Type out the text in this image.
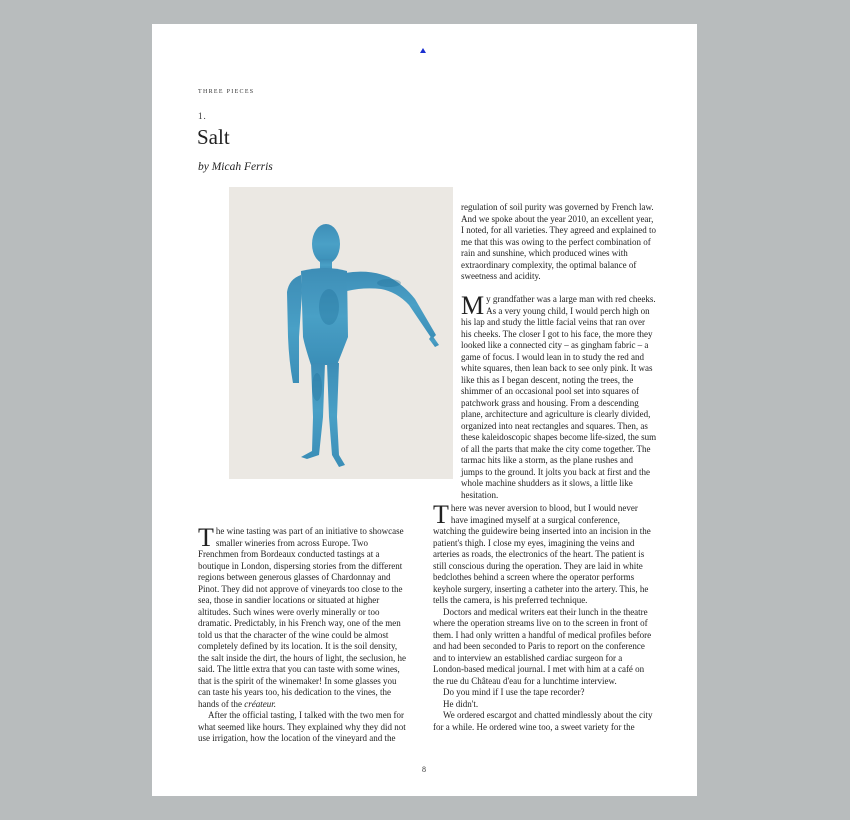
THREE PIECES
1.
Salt
by Micah Ferris

regulation of soil purity was governed by French law. And we spoke about the year 2010, an excellent year, I noted, for all varieties. They agreed and explained to me that this was owing to the perfect combination of rain and sunshine, which produced wines with extraordinary complexity, the optimal balance of sweetness and acidity.

My grandfather was a large man with red cheeks. As a very young child, I would perch high on his lap and study the little facial veins that ran over his cheeks. The closer I got to his face, the more they looked like a connected city – as gingham fabric – a game of focus. I would lean in to study the red and white squares, then lean back to see only pink. It was like this as I began descent, noting the trees, the shimmer of an occasional pool set into squares of patchwork grass and housing. From a descending plane, architecture and agriculture is clearly divided, organized into neat rectangles and squares. Then, as these kaleidoscopic shapes become life-sized, the sum of all the parts that make the city come together. The tarmac hits like a storm, as the plane rushes and jumps to the ground. It jolts you back at first and the whole machine shudders as it slows, a little like hesitation.

The wine tasting was part of an initiative to showcase smaller wineries from across Europe. Two Frenchmen from Bordeaux conducted tastings at a boutique in London, dispersing stories from the different regions between generous glasses of Chardonnay and Pinot. They did not approve of vineyards too close to the sea, those in sandier locations or situated at higher altitudes. Such wines were overly minerally or too dramatic. Predictably, in his French way, one of the men told us that the character of the wine could be almost completely defined by its location. It is the soil density, the salt inside the dirt, the hours of light, the seclusion, he said. The little extra that you can taste with some wines, that is the spirit of the winemaker! In some glasses you can taste his years too, his dedication to the vines, the hands of the créateur.

After the official tasting, I talked with the two men for what seemed like hours. They explained why they did not use irrigation, how the location of the vineyard and the

There was never aversion to blood, but I would never have imagined myself at a surgical conference, watching the guidewire being inserted into an incision in the patient's thigh. I close my eyes, imagining the veins and arteries as roads, the electronics of the heart. The patient is still conscious during the operation. They are laid in white bedclothes behind a screen where the operator performs keyhole surgery, inserting a catheter into the artery. This, he tells the camera, is his preferred technique.

Doctors and medical writers eat their lunch in the theatre where the operation streams live on to the screen in front of them. I had only written a handful of medical profiles before and had been seconded to Paris to report on the conference and to interview an established cardiac surgeon for a London-based medical journal. I met with him at a café on the rue du Château d'eau for a lunchtime interview.

Do you mind if I use the tape recorder?

He didn't.

We ordered escargot and chatted mindlessly about the city for a while. He ordered wine too, a sweet variety for the

8
